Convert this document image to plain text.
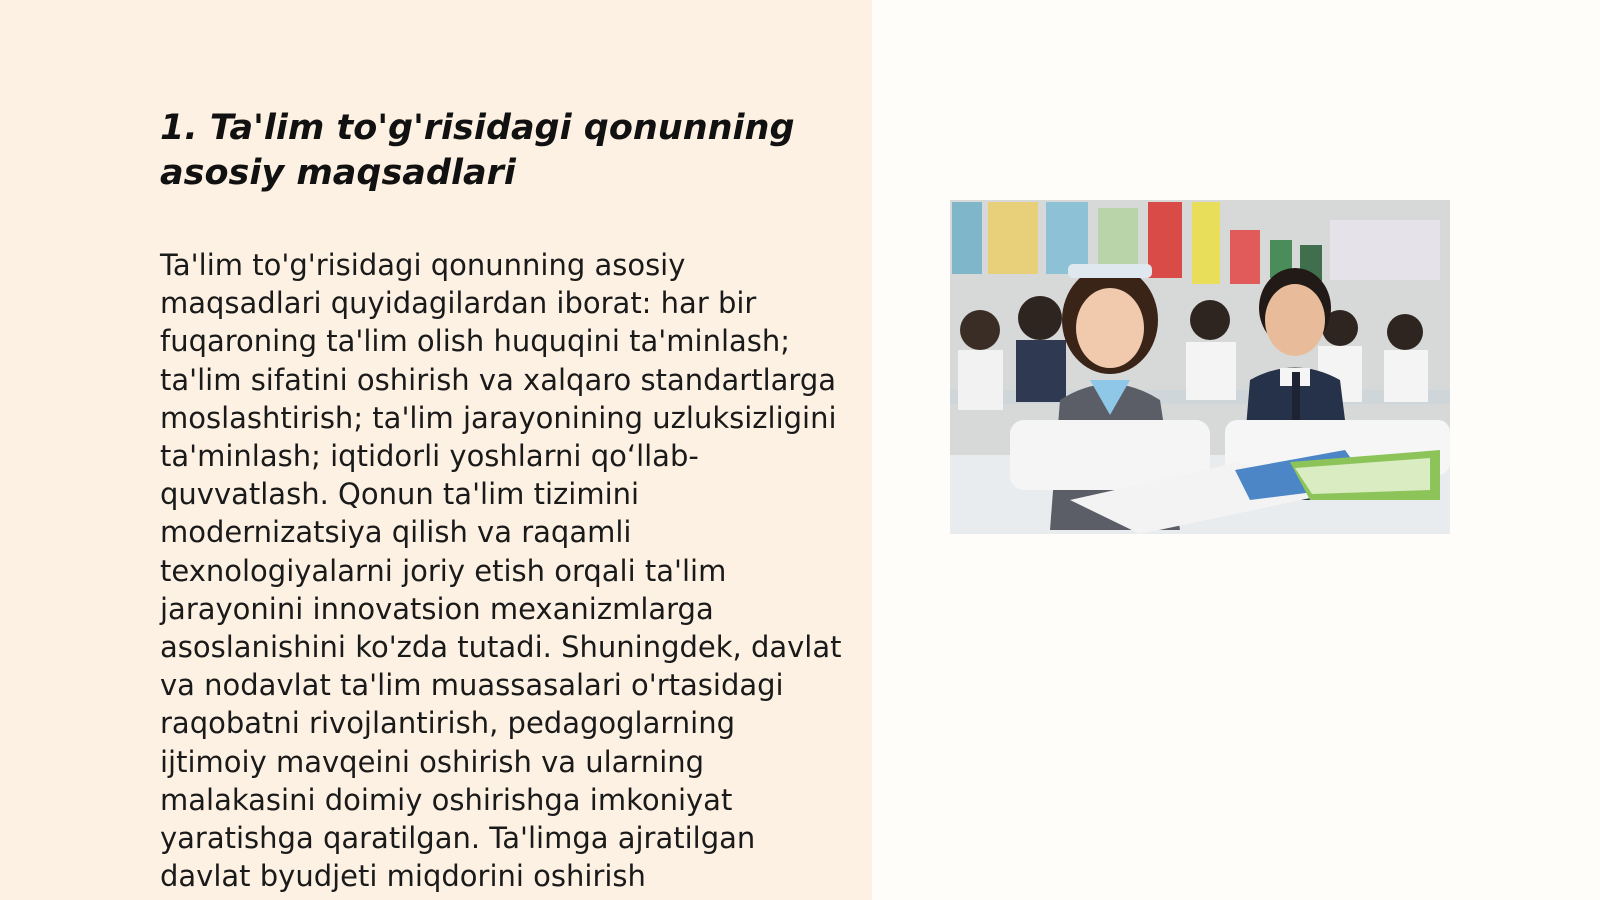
1. Ta'lim to'g'risidagi qonunning asosiy maqsadlari

Ta'lim to'g'risidagi qonunning asosiy maqsadlari quyidagilardan iborat: har bir fuqaroning ta'lim olish huquqini ta'minlash; ta'lim sifatini oshirish va xalqaro standartlarga moslashtirish; ta'lim jarayonining uzluksizligini ta'minlash; iqtidorli yoshlarni qo‘llab-quvvatlash. Qonun ta'lim tizimini modernizatsiya qilish va raqamli texnologiyalarni joriy etish orqali ta'lim jarayonini innovatsion mexanizmlarga asoslanishini ko'zda tutadi. Shuningdek, davlat va nodavlat ta'lim muassasalari o'rtasidagi raqobatni rivojlantirish, pedagoglarning ijtimoiy mavqeini oshirish va ularning malakasini doimiy oshirishga imkoniyat yaratishga qaratilgan. Ta'limga ajratilgan davlat byudjeti miqdorini oshirish
